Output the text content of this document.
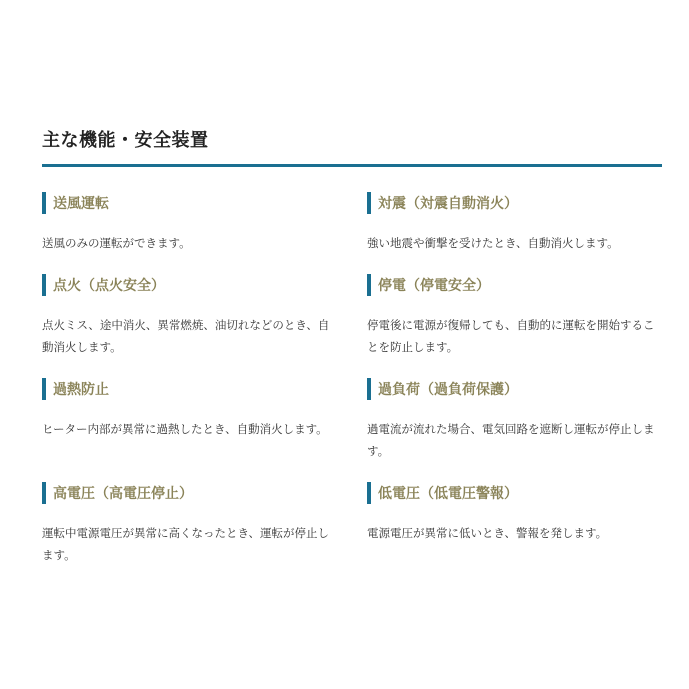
主な機能・安全装置
送風運転

送風のみの運転ができます。

対震（対震自動消火）

強い地震や衝撃を受けたとき、自動消火します。

点火（点火安全）

点火ミス、途中消火、異常燃焼、油切れなどのとき、自動消火します。

停電（停電安全）

停電後に電源が復帰しても、自動的に運転を開始することを防止します。

過熱防止

ヒーター内部が異常に過熱したとき、自動消火します。

過負荷（過負荷保護）

過電流が流れた場合、電気回路を遮断し運転が停止します。

高電圧（高電圧停止）

運転中電源電圧が異常に高くなったとき、運転が停止します。

低電圧（低電圧警報）

電源電圧が異常に低いとき、警報を発します。
